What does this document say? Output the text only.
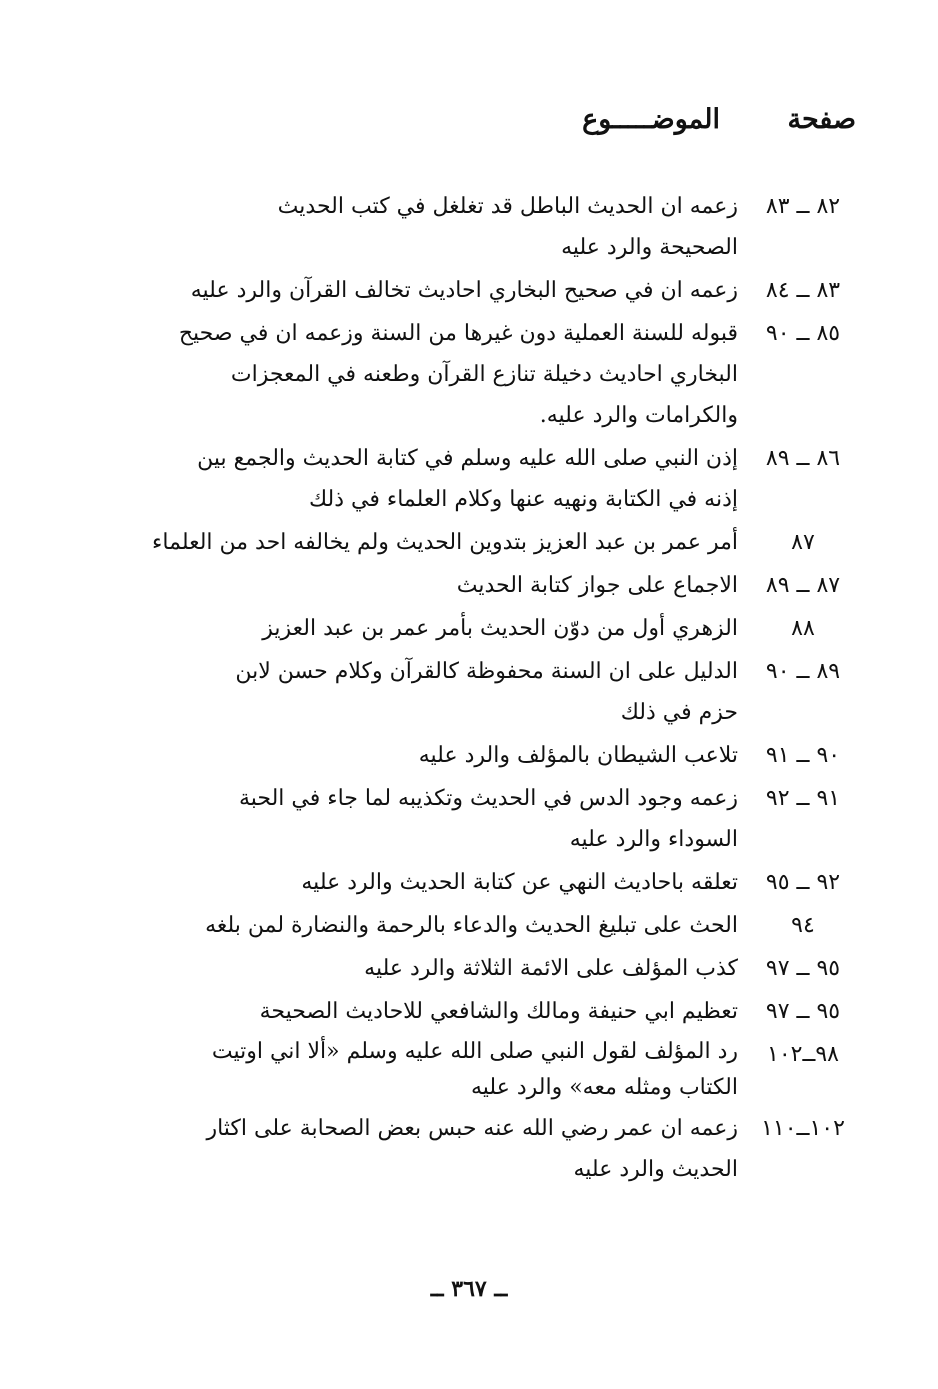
صفحة
الموضـــــوع
٨٢ ــ ٨٣
زعمه ان الحديث الباطل قد تغلغل في كتب الحديث الصحيحة والرد عليه
٨٣ ــ ٨٤
زعمه ان في صحيح البخاري احاديث تخالف القرآن والرد عليه
٨٥ ــ ٩٠
قبوله للسنة العملية دون غيرها من السنة وزعمه ان في صحيح البخاري احاديث دخيلة تنازع القرآن وطعنه في المعجزات والكرامات والرد عليه.
٨٦ ــ ٨٩
إذن النبي صلى الله عليه وسلم في كتابة الحديث والجمع بين إذنه في الكتابة ونهيه عنها وكلام العلماء في ذلك
٨٧
أمر عمر بن عبد العزيز بتدوين الحديث ولم يخالفه احد من العلماء
٨٧ ــ ٨٩
الاجماع على جواز كتابة الحديث
٨٨
الزهري أول من دوّن الحديث بأمر عمر بن عبد العزيز
٨٩ ــ ٩٠
الدليل على ان السنة محفوظة كالقرآن وكلام حسن لابن حزم في ذلك
٩٠ ــ ٩١
تلاعب الشيطان بالمؤلف والرد عليه
٩١ ــ ٩٢
زعمه وجود الدس في الحديث وتكذيبه لما جاء في الحبة السوداء والرد عليه
٩٢ ــ ٩٥
تعلقه باحاديث النهي عن كتابة الحديث والرد عليه
٩٤
الحث على تبليغ الحديث والدعاء بالرحمة والنضارة لمن بلغه
٩٥ ــ ٩٧
كذب المؤلف على الائمة الثلاثة والرد عليه
٩٥ ــ ٩٧
تعظيم ابي حنيفة ومالك والشافعي للاحاديث الصحيحة
٩٨ــ١٠٢
رد المؤلف لقول النبي صلى الله عليه وسلم «ألا اني اوتيت الكتاب ومثله معه» والرد عليه
١٠٢ــ١١٠
زعمه ان عمر رضي الله عنه حبس بعض الصحابة على اكثار الحديث والرد عليه
ــ ٣٦٧ ــ
